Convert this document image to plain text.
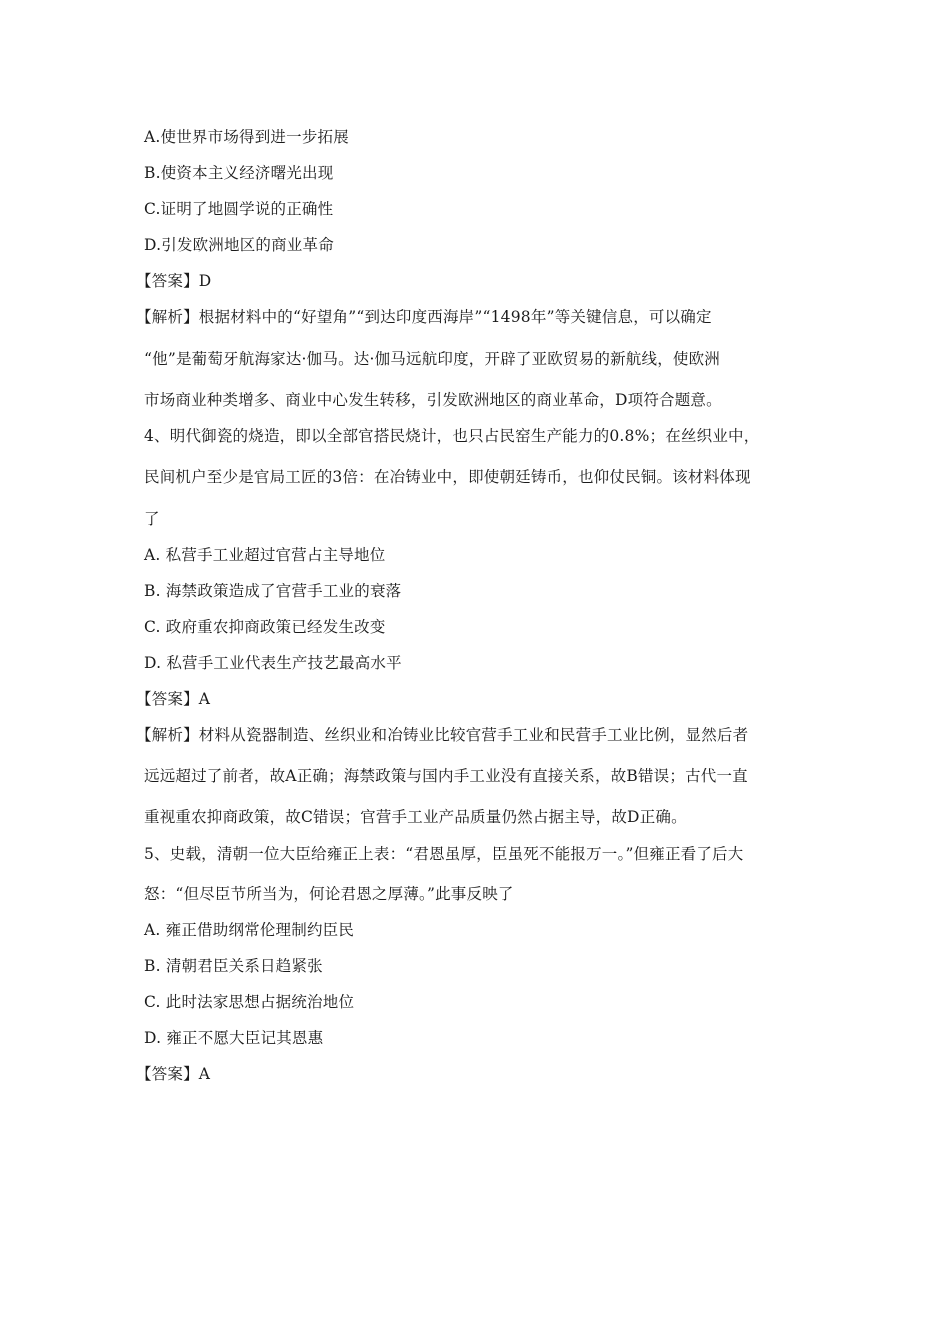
A.使世界市场得到进一步拓展
B.使资本主义经济曙光出现
C.证明了地圆学说的正确性
D.引发欧洲地区的商业革命
【答案】D
【解析】根据材料中的“好望角”“到达印度西海岸”“1498年”等关键信息，可以确定
“他”是葡萄牙航海家达·伽马。达·伽马远航印度，开辟了亚欧贸易的新航线，使欧洲
市场商业种类增多、商业中心发生转移，引发欧洲地区的商业革命，D项符合题意。
4、明代御瓷的烧造，即以全部官搭民烧计，也只占民窑生产能力的0.8%；在丝织业中，
民间机户至少是官局工匠的3倍：在冶铸业中，即使朝廷铸币，也仰仗民铜。该材料体现
了
A. 私营手工业超过官营占主导地位
B. 海禁政策造成了官营手工业的衰落
C. 政府重农抑商政策已经发生改变
D. 私营手工业代表生产技艺最高水平
【答案】A
【解析】材料从瓷器制造、丝织业和冶铸业比较官营手工业和民营手工业比例，显然后者
远远超过了前者，故A正确；海禁政策与国内手工业没有直接关系，故B错误；古代一直
重视重农抑商政策，故C错误；官营手工业产品质量仍然占据主导，故D正确。
5、史载，清朝一位大臣给雍正上表：“君恩虽厚，臣虽死不能报万一。”但雍正看了后大
怒：“但尽臣节所当为，何论君恩之厚薄。”此事反映了
A. 雍正借助纲常伦理制约臣民
B. 清朝君臣关系日趋紧张
C. 此时法家思想占据统治地位
D. 雍正不愿大臣记其恩惠
【答案】A
